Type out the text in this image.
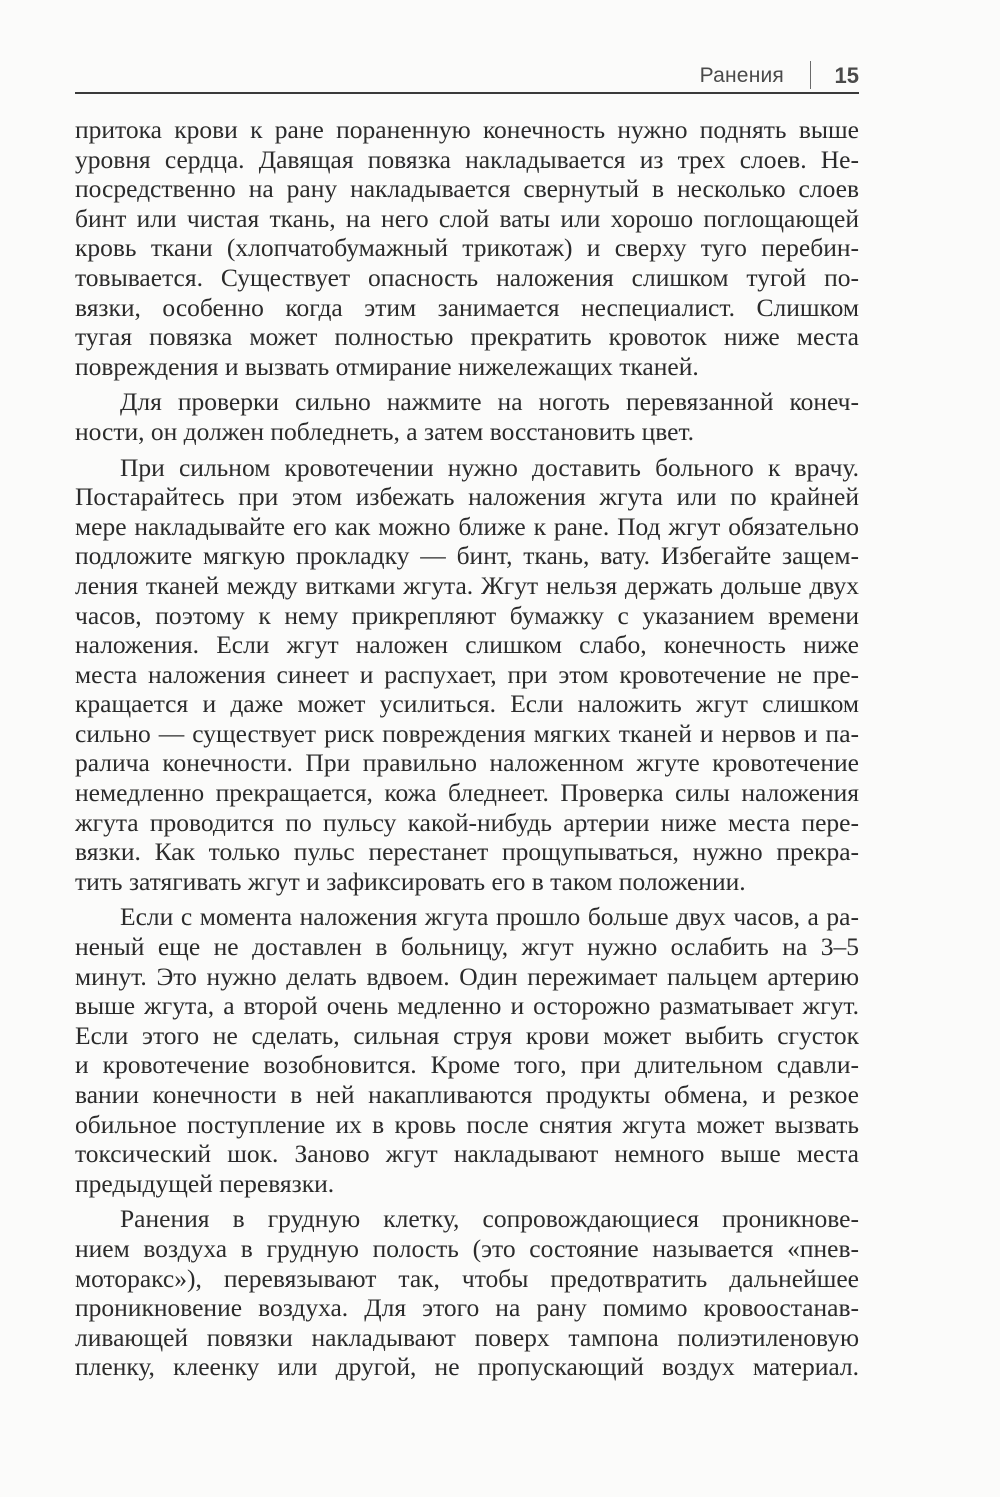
Ранения 15

притока крови к ране пораненную конечность нужно поднять выше
уровня сердца. Давящая повязка накладывается из трех слоев. Не-
посредственно на рану накладывается свернутый в несколько слоев
бинт или чистая ткань, на него слой ваты или хорошо поглощающей
кровь ткани (хлопчатобумажный трикотаж) и сверху туго перебин-
товывается. Существует опасность наложения слишком тугой по-
вязки, особенно когда этим занимается неспециалист. Слишком
тугая повязка может полностью прекратить кровоток ниже места
повреждения и вызвать отмирание нижележащих тканей.

Для проверки сильно нажмите на ноготь перевязанной конеч-
ности, он должен побледнеть, а затем восстановить цвет.

При сильном кровотечении нужно доставить больного к врачу.
Постарайтесь при этом избежать наложения жгута или по крайней
мере накладывайте его как можно ближе к ране. Под жгут обязательно
подложите мягкую прокладку — бинт, ткань, вату. Избегайте защем-
ления тканей между витками жгута. Жгут нельзя держать дольше двух
часов, поэтому к нему прикрепляют бумажку с указанием времени
наложения. Если жгут наложен слишком слабо, конечность ниже
места наложения синеет и распухает, при этом кровотечение не пре-
кращается и даже может усилиться. Если наложить жгут слишком
сильно — существует риск повреждения мягких тканей и нервов и па-
ралича конечности. При правильно наложенном жгуте кровотечение
немедленно прекращается, кожа бледнеет. Проверка силы наложения
жгута проводится по пульсу какой-нибудь артерии ниже места пере-
вязки. Как только пульс перестанет прощупываться, нужно прекра-
тить затягивать жгут и зафиксировать его в таком положении.

Если с момента наложения жгута прошло больше двух часов, а ра-
неный еще не доставлен в больницу, жгут нужно ослабить на 3–5
минут. Это нужно делать вдвоем. Один пережимает пальцем артерию
выше жгута, а второй очень медленно и осторожно разматывает жгут.
Если этого не сделать, сильная струя крови может выбить сгусток
и кровотечение возобновится. Кроме того, при длительном сдавли-
вании конечности в ней накапливаются продукты обмена, и резкое
обильное поступление их в кровь после снятия жгута может вызвать
токсический шок. Заново жгут накладывают немного выше места
предыдущей перевязки.

Ранения в грудную клетку, сопровождающиеся проникнове-
нием воздуха в грудную полость (это состояние называется «пнев-
моторакс»), перевязывают так, чтобы предотвратить дальнейшее
проникновение воздуха. Для этого на рану помимо кровоостанав-
ливающей повязки накладывают поверх тампона полиэтиленовую
пленку, клеенку или другой, не пропускающий воздух материал.
